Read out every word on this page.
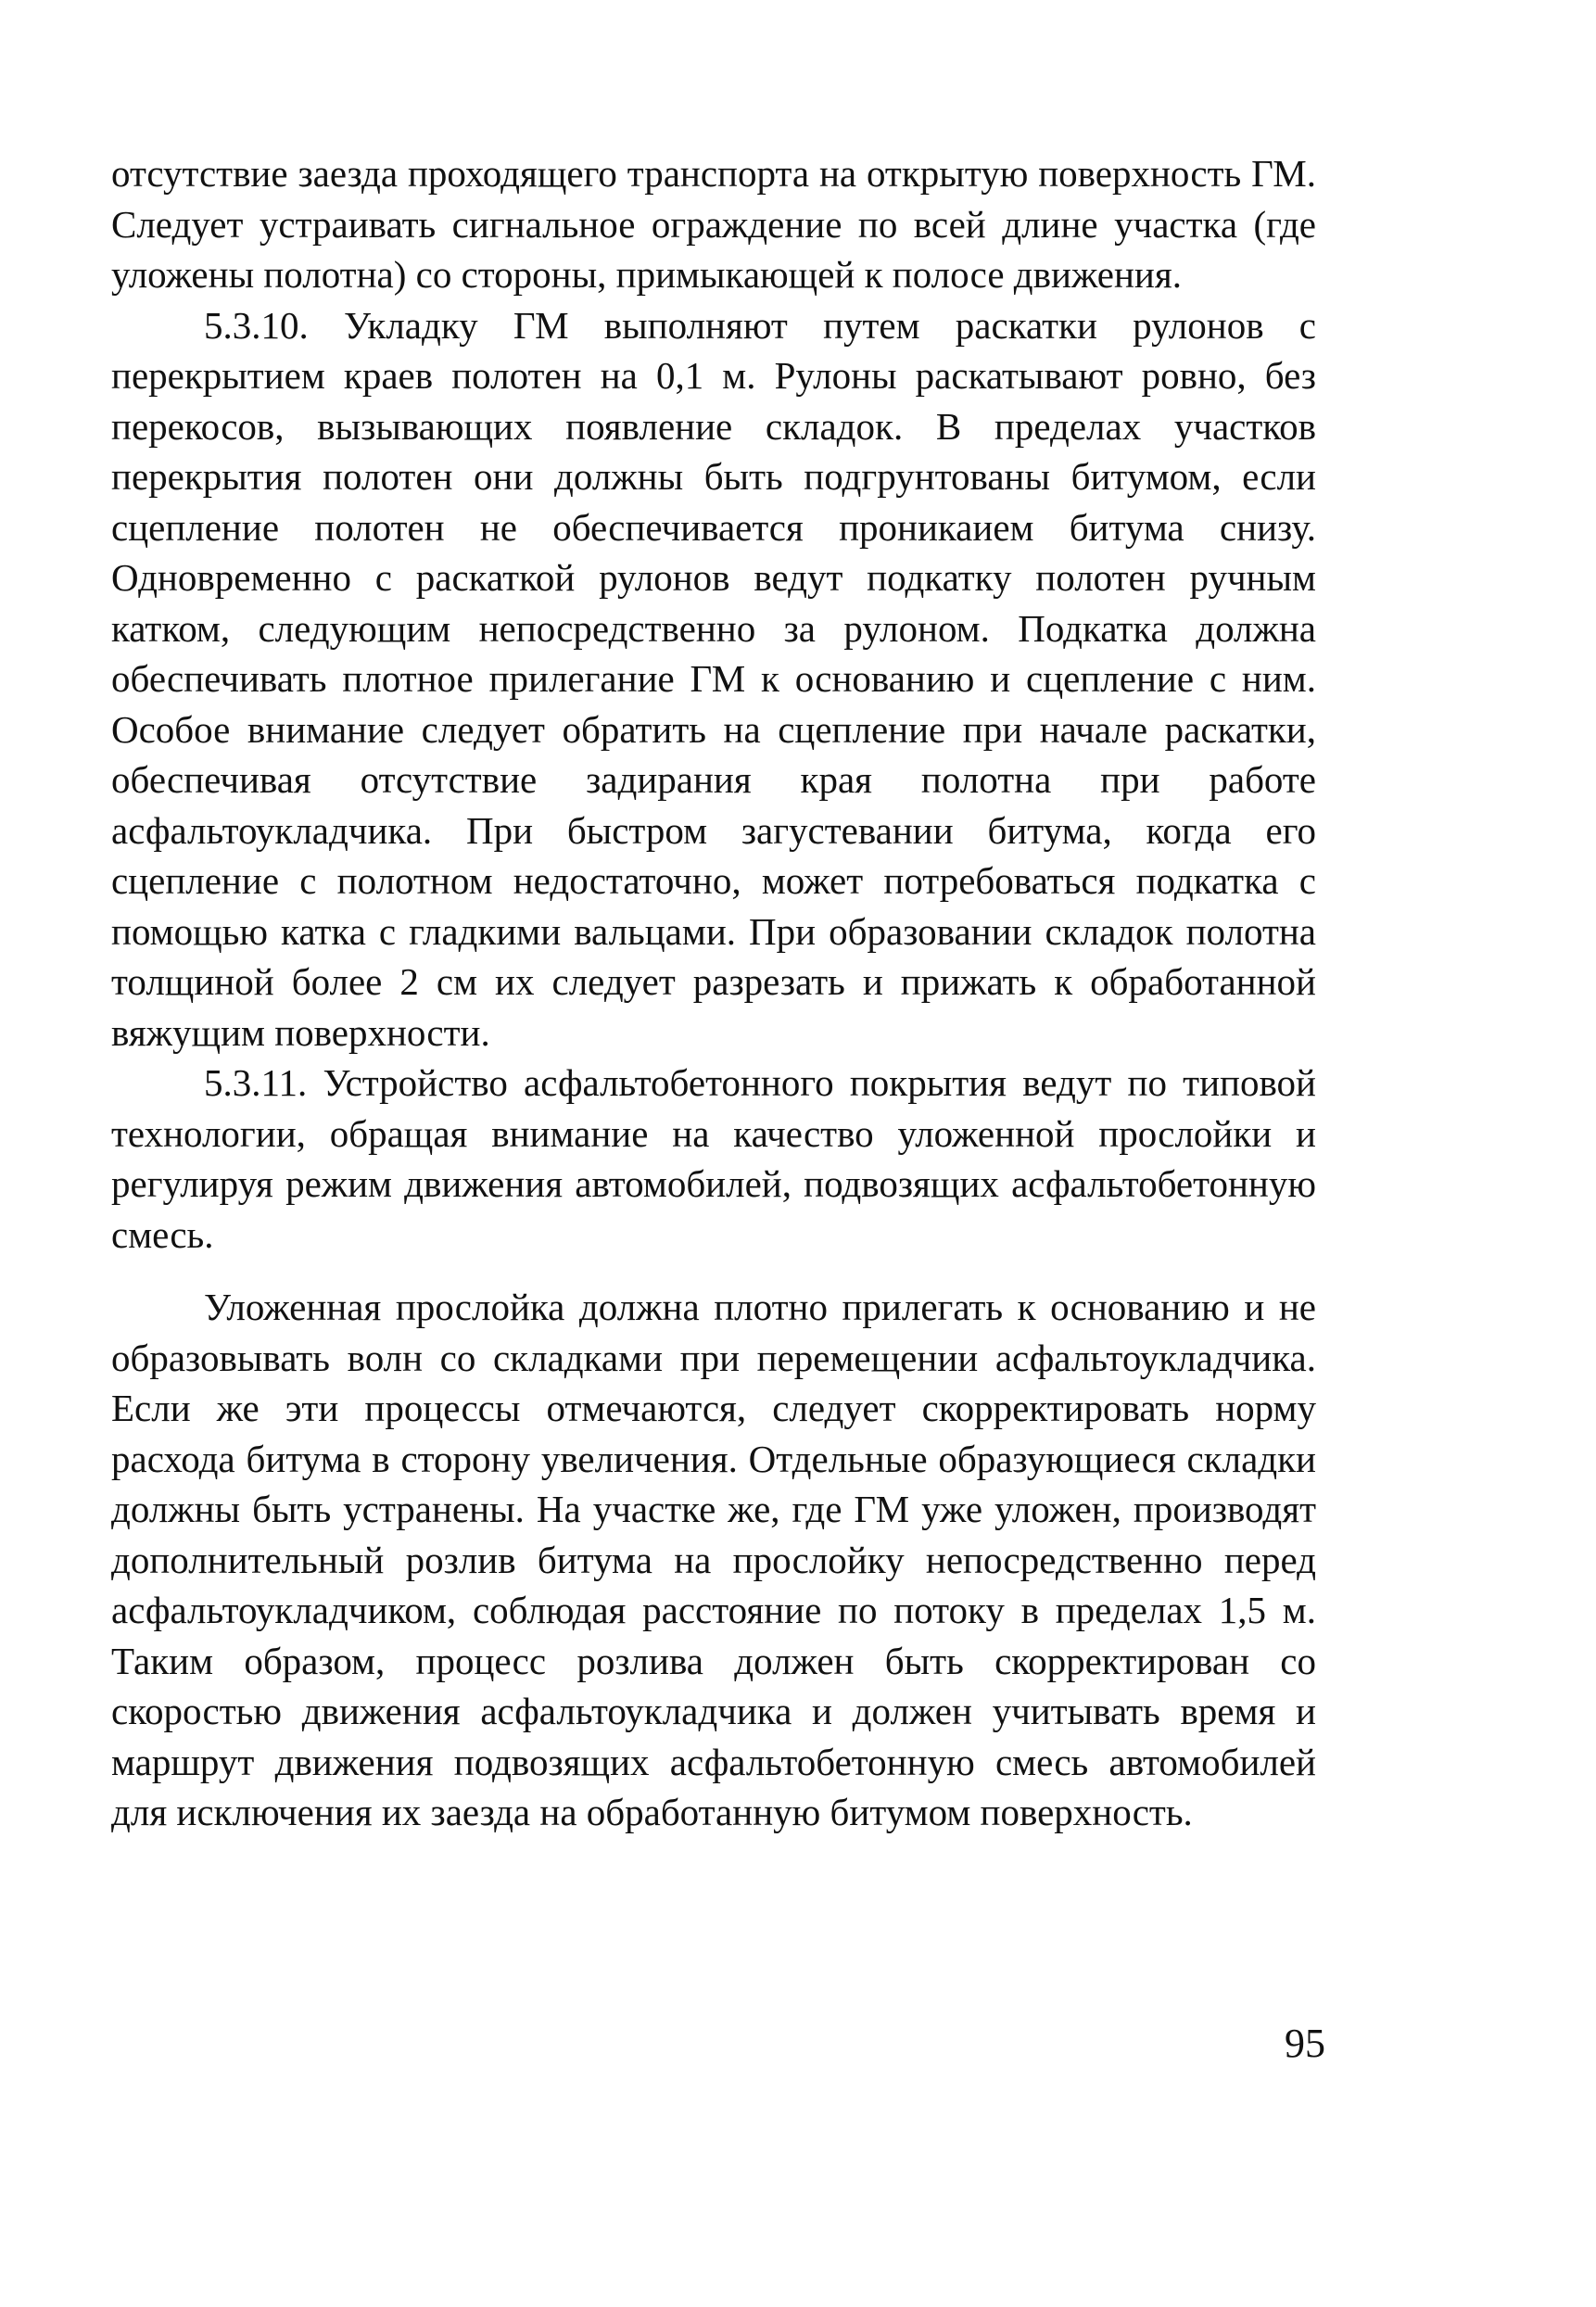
отсутствие заезда проходящего транспорта на открытую поверхность ГМ. Следует устраивать сигнальное ограждение по всей длине участка (где уложены полотна) со стороны, примыкающей к полосе движения.

5.3.10. Укладку ГМ выполняют путем раскатки рулонов с перекрытием краев полотен на 0,1 м. Рулоны раскатывают ровно, без перекосов, вызывающих появление складок. В пределах участков перекрытия полотен они должны быть подгрунтованы битумом, если сцепление полотен не обеспечивается проникаием битума снизу. Одновременно с раскаткой рулонов ведут подкатку полотен ручным катком, следующим непосредственно за рулоном. Подкатка должна обеспечивать плотное прилегание ГМ к основанию и сцепление с ним. Особое внимание следует обратить на сцепление при начале раскатки, обеспечивая отсутствие задирания края полотна при работе асфальтоукладчика. При быстром загустевании битума, когда его сцепление с полотном недостаточно, может потребоваться подкатка с помощью катка с гладкими вальцами. При образовании складок полотна толщиной более 2 см их следует разрезать и прижать к обработанной вяжущим поверхности.

5.3.11. Устройство асфальтобетонного покрытия ведут по типовой технологии, обращая внимание на качество уложенной прослойки и регулируя режим движения автомобилей, подвозящих асфальтобетонную смесь.

Уложенная прослойка должна плотно прилегать к основанию и не образовывать волн со складками при перемещении асфальтоукладчика. Если же эти процессы отмечаются, следует скорректировать норму расхода битума в сторону увеличения. Отдельные образующиеся складки должны быть устранены. На участке же, где ГМ уже уложен, производят дополнительный розлив битума на прослойку непосредственно перед асфальтоукладчиком, соблюдая расстояние по потоку в пределах 1,5 м. Таким образом, процесс розлива должен быть скорректирован со скоростью движения асфальтоукладчика и должен учитывать время и маршрут движения подвозящих асфальтобетонную смесь автомобилей для исключения их заезда на обработанную битумом поверхность.

95
